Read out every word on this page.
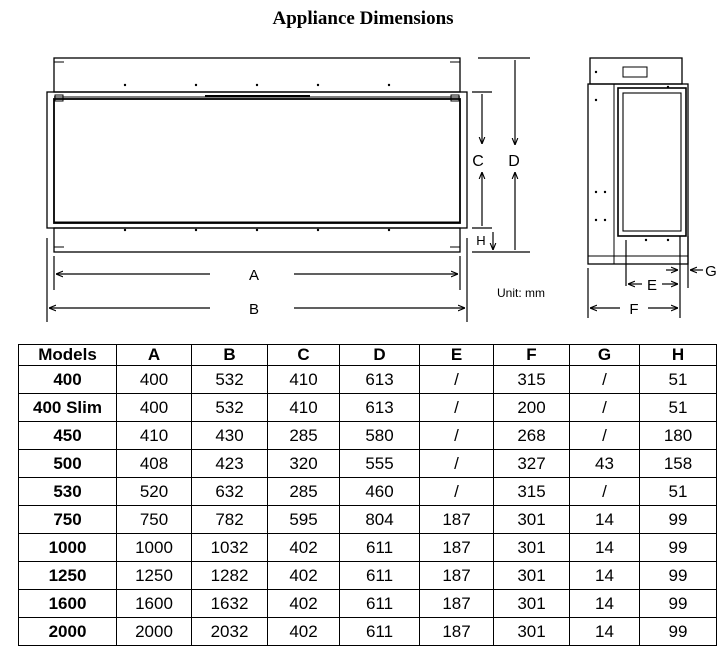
Appliance Dimensions
A
B
C D
H
Unit: mm	E
F
G
Models	A	B	C	D	E	F	G	H
400	400	532	410	613	/	315	/	51
400 Slim	400	532	410	613	/	200	/	51
450	410	430	285	580	/	268	/	180
500	408	423	320	555	/	327	43	158
530	520	632	285	460	/	315	/	51
750	750	782	595	804	187	301	14	99
1000	1000	1032	402	611	187	301	14	99
1250	1250	1282	402	611	187	301	14	99
1600	1600	1632	402	611	187	301	14	99
2000	2000	2032	402	611	187	301	14	99
